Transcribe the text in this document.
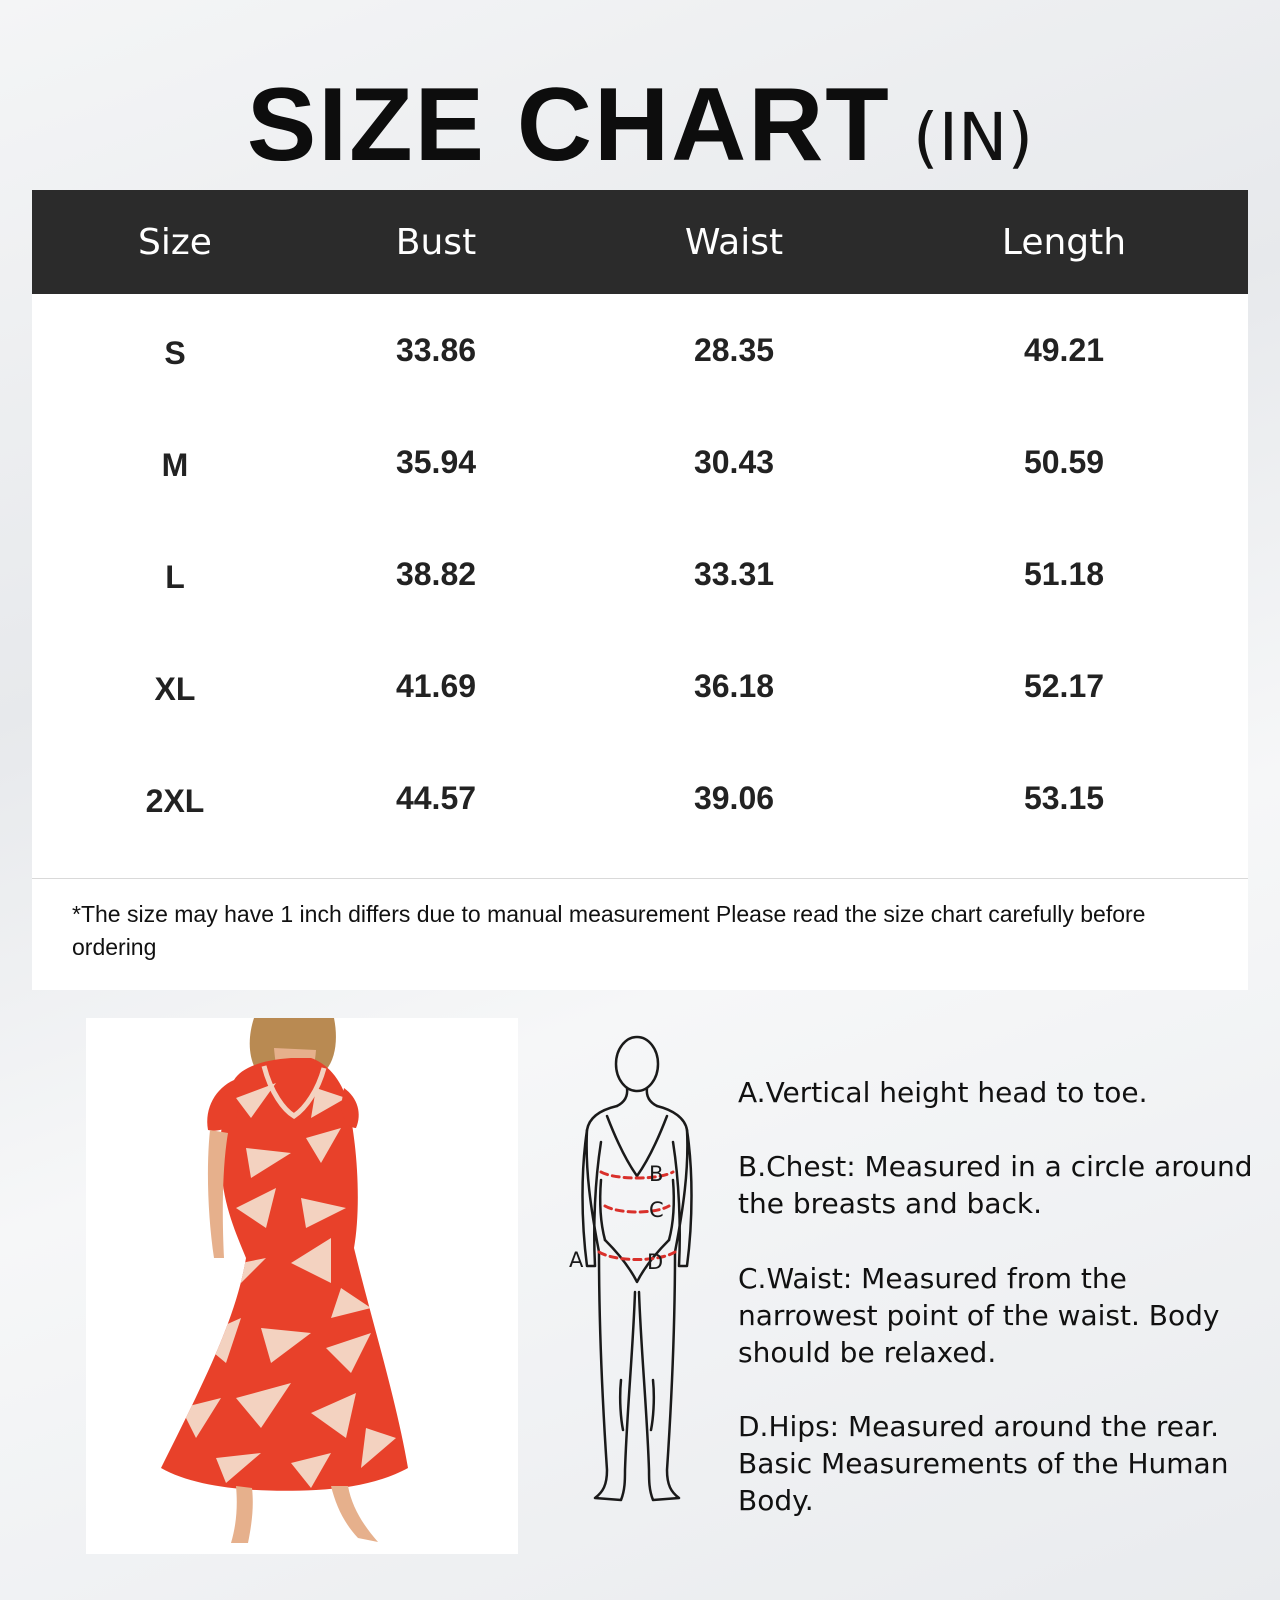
SIZE CHART (IN)
Size	Bust	Waist	Length
S	33.86	28.35	49.21
M	35.94	30.43	50.59
L	38.82	33.31	51.18
XL	41.69	36.18	52.17
2XL	44.57	39.06	53.15
*The size may have 1 inch differs due to manual measurement Please read the size chart carefully before ordering
A
B
C
D

A.Vertical height head to toe.

B.Chest: Measured in a circle around the breasts and back.

C.Waist: Measured from the narrowest point of the waist. Body should be relaxed.

D.Hips: Measured around the rear. Basic Measurements of the Human Body.
